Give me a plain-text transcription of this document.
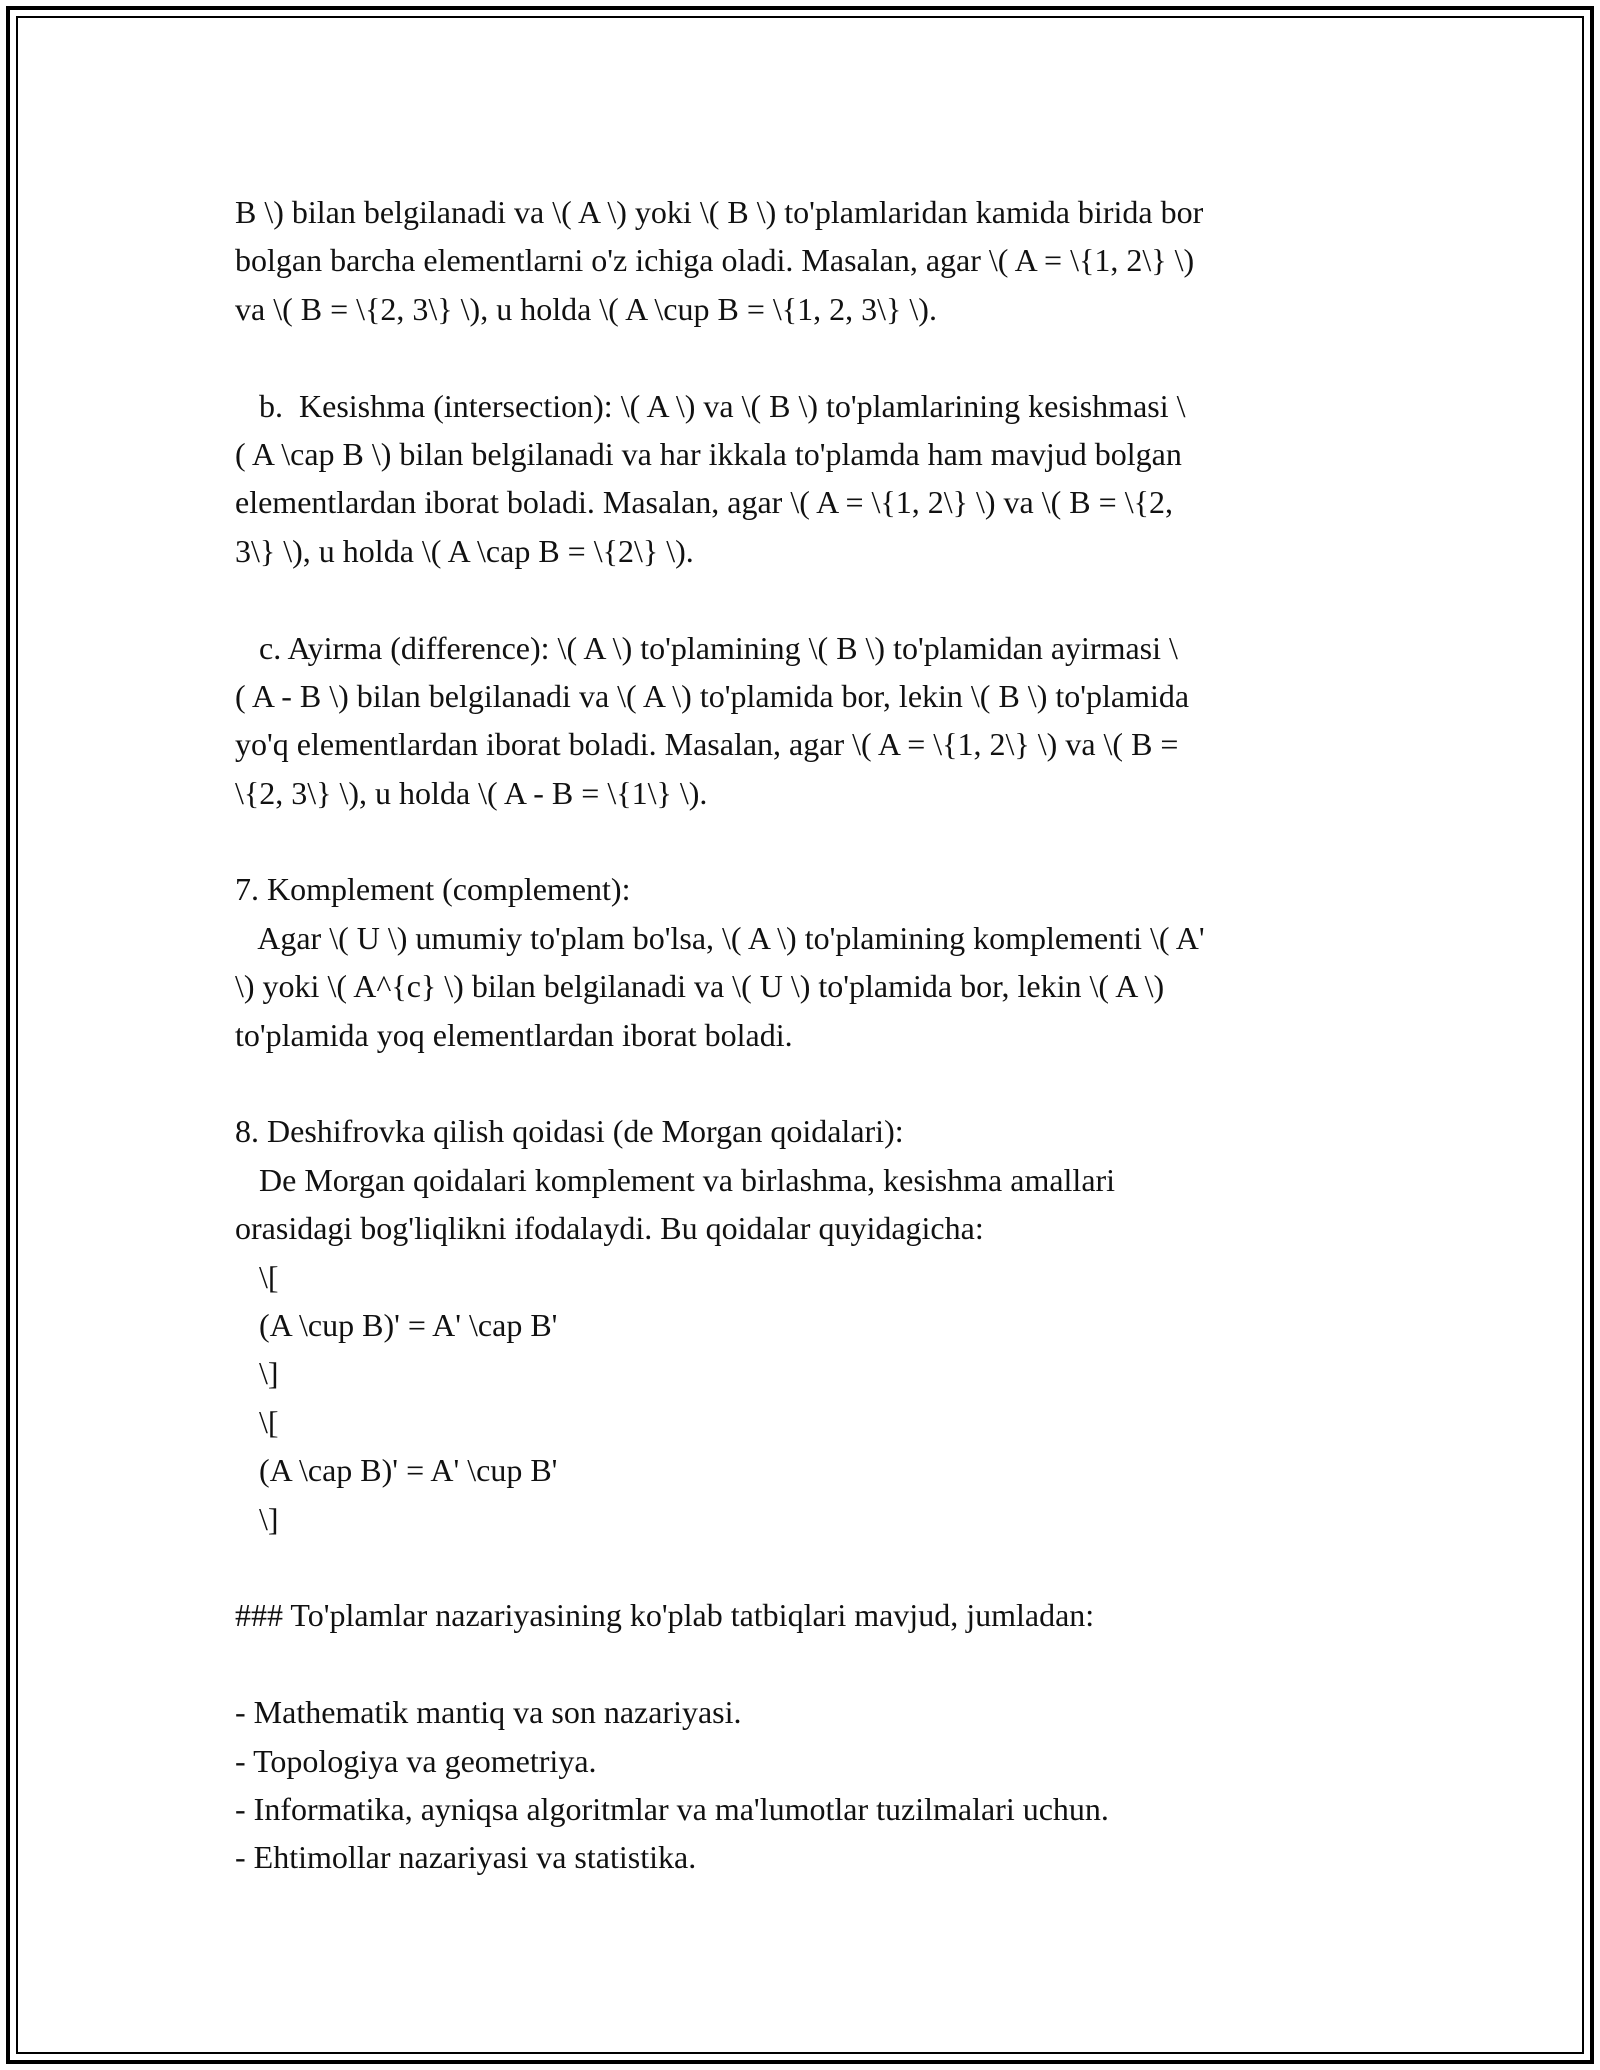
B \) bilan belgilanadi va \( A \) yoki \( B \) to'plamlaridan kamida birida bor
bolgan barcha elementlarni o'z ichiga oladi. Masalan, agar \( A = \{1, 2\} \)
va \( B = \{2, 3\} \), u holda \( A \cup B = \{1, 2, 3\} \).
b.  Kesishma (intersection): \( A \) va \( B \) to'plamlarining kesishmasi \
( A \cap B \) bilan belgilanadi va har ikkala to'plamda ham mavjud bolgan
elementlardan iborat boladi. Masalan, agar \( A = \{1, 2\} \) va \( B = \{2,
3\} \), u holda \( A \cap B = \{2\} \).
c. Ayirma (difference): \( A \) to'plamining \( B \) to'plamidan ayirmasi \
( A - B \) bilan belgilanadi va \( A \) to'plamida bor, lekin \( B \) to'plamida
yo'q elementlardan iborat boladi. Masalan, agar \( A = \{1, 2\} \) va \( B =
\{2, 3\} \), u holda \( A - B = \{1\} \).
7. Komplement (complement):
Agar \( U \) umumiy to'plam bo'lsa, \( A \) to'plamining komplementi \( A'
\) yoki \( A^{c} \) bilan belgilanadi va \( U \) to'plamida bor, lekin \( A \)
to'plamida yoq elementlardan iborat boladi.
8. Deshifrovka qilish qoidasi (de Morgan qoidalari):
De Morgan qoidalari komplement va birlashma, kesishma amallari
orasidagi bog'liqlikni ifodalaydi. Bu qoidalar quyidagicha:
\[
(A \cup B)' = A' \cap B'
\]
\[
(A \cap B)' = A' \cup B'
\]
### To'plamlar nazariyasining ko'plab tatbiqlari mavjud, jumladan:
- Mathematik mantiq va son nazariyasi.
- Topologiya va geometriya.
- Informatika, ayniqsa algoritmlar va ma'lumotlar tuzilmalari uchun.
- Ehtimollar nazariyasi va statistika.
